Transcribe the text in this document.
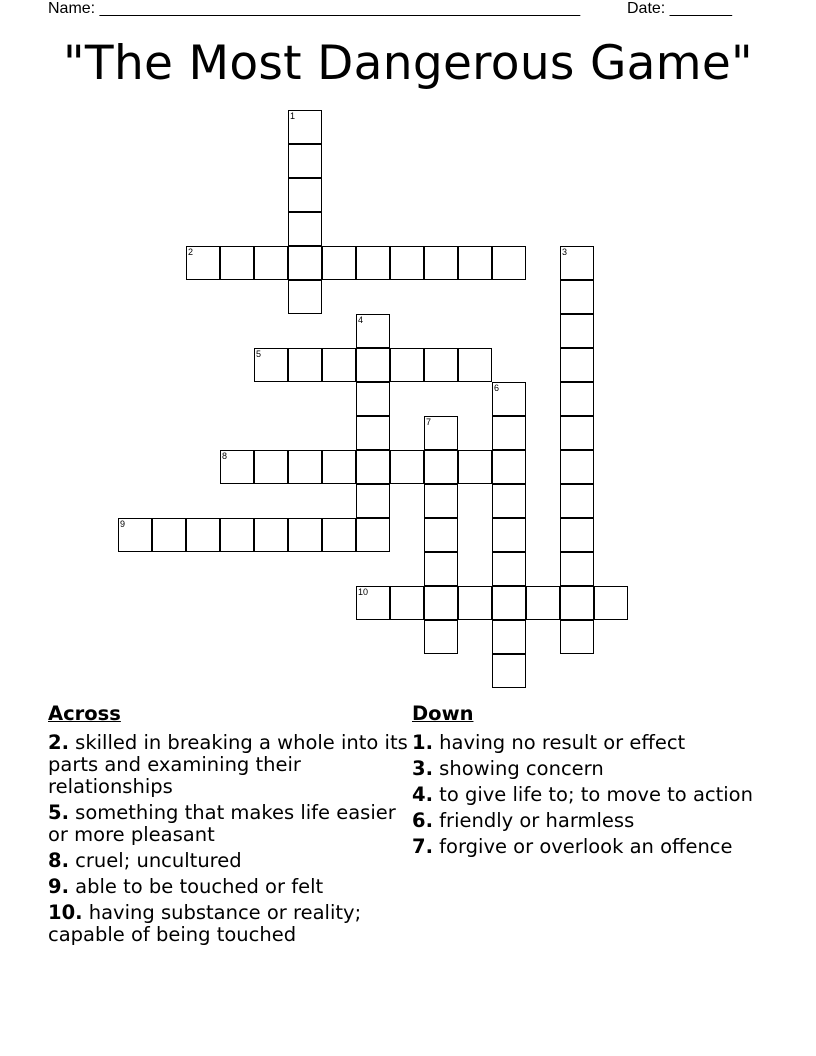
Name: ______________________________________________________	Date: _______
"The Most Dangerous Game"
1
2	3
4
5
6
7
8
9
10
Across
2. skilled in breaking a whole into its parts and examining their relationships
5. something that makes life easier or more pleasant
8. cruel; uncultured
9. able to be touched or felt
10. having substance or reality; capable of being touched
Down
1. having no result or effect
3. showing concern
4. to give life to; to move to action
6. friendly or harmless
7. forgive or overlook an offence
